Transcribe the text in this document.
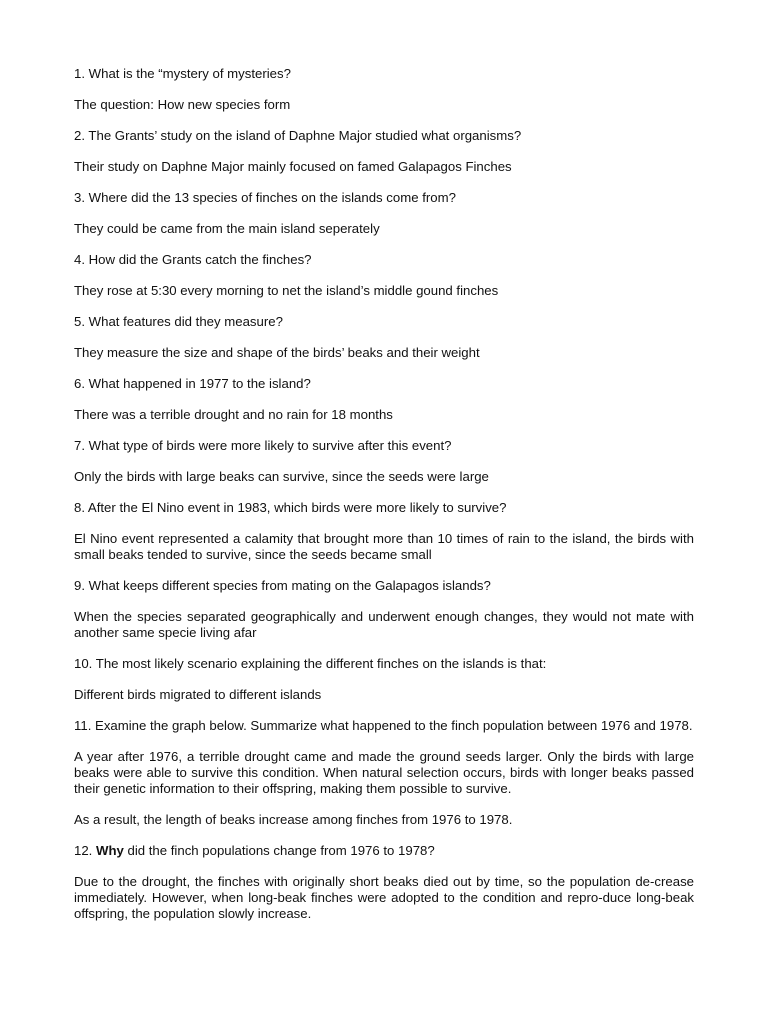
1. What is the “mystery of mysteries?

The question: How new species form

2. The Grants’ study on the island of Daphne Major studied what organisms?

Their study on Daphne Major mainly focused on famed Galapagos Finches

3. Where did the 13 species of finches on the islands come from?

They could be came from the main island seperately

4. How did the Grants catch the finches?

They rose at 5:30 every morning to net the island’s middle gound finches

5. What features did they measure?

They measure the size and shape of the birds’ beaks and their weight

6. What happened in 1977 to the island?

There was a terrible drought and no rain for 18 months

7. What type of birds were more likely to survive after this event?

Only the birds with large beaks can survive, since the seeds were large

8. After the El Nino event in 1983, which birds were more likely to survive?

El Nino event represented a calamity that brought more than 10 times of rain to the island, the birds with small beaks tended to survive, since the seeds became small

9. What keeps different species from mating on the Galapagos islands?

When the species separated geographically and underwent enough changes, they would not mate with another same specie living afar

10. The most likely scenario explaining the different finches on the islands is that:

Different birds migrated to different islands

11. Examine the graph below. Summarize what happened to the finch population between 1976 and 1978.

A year after 1976, a terrible drought came and made the ground seeds larger. Only the birds with large beaks were able to survive this condition. When natural selection occurs, birds with longer beaks passed their genetic information to their offspring, making them possible to survive.

As a result, the length of beaks increase among finches from 1976 to 1978.

12. Why did the finch populations change from 1976 to 1978?

Due to the drought, the finches with originally short beaks died out by time, so the population de-crease immediately. However, when long-beak finches were adopted to the condition and repro-duce long-beak offspring, the population slowly increase.
